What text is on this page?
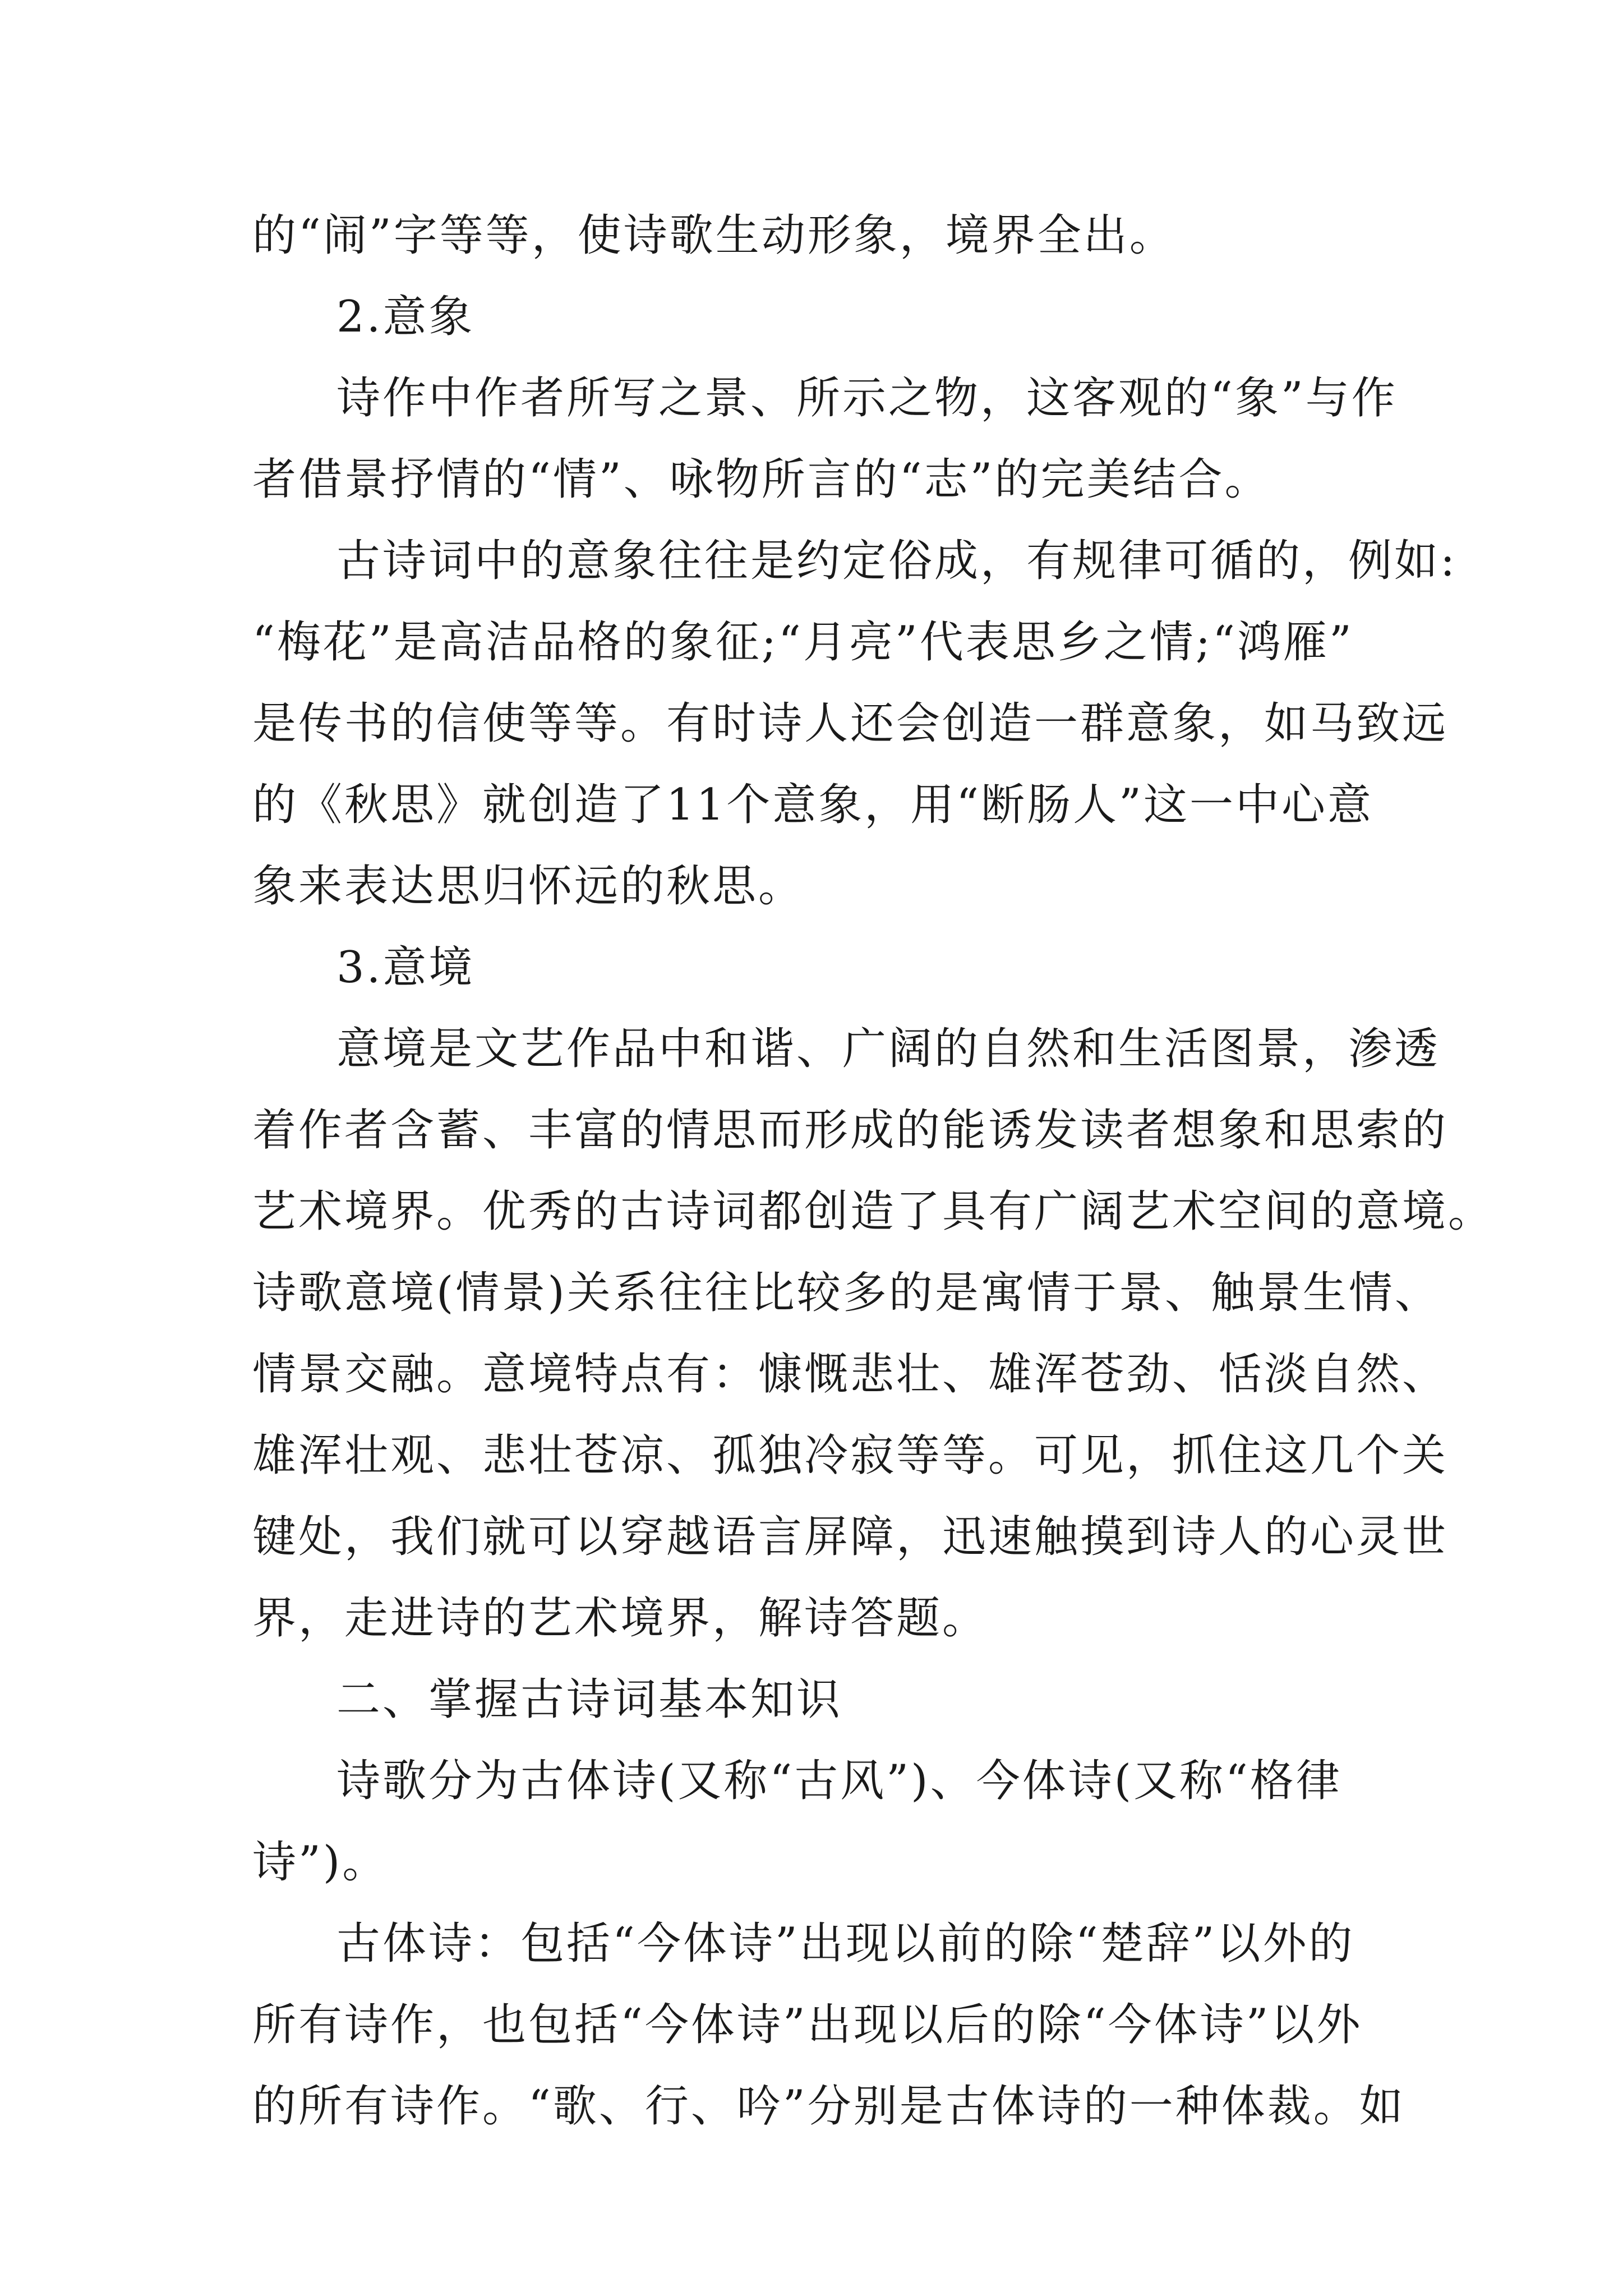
的“闹”字等等，使诗歌生动形象，境界全出。
2.意象
诗作中作者所写之景、所示之物，这客观的“象”与作
者借景抒情的“情”、咏物所言的“志”的完美结合。
古诗词中的意象往往是约定俗成，有规律可循的，例如:
“梅花”是高洁品格的象征;“月亮”代表思乡之情;“鸿雁”
是传书的信使等等。有时诗人还会创造一群意象，如马致远
的《秋思》就创造了11个意象，用“断肠人”这一中心意
象来表达思归怀远的秋思。
3.意境
意境是文艺作品中和谐、广阔的自然和生活图景，渗透
着作者含蓄、丰富的情思而形成的能诱发读者想象和思索的
艺术境界。优秀的古诗词都创造了具有广阔艺术空间的意境。
诗歌意境(情景)关系往往比较多的是寓情于景、触景生情、
情景交融。意境特点有：慷慨悲壮、雄浑苍劲、恬淡自然、
雄浑壮观、悲壮苍凉、孤独冷寂等等。可见，抓住这几个关
键处，我们就可以穿越语言屏障，迅速触摸到诗人的心灵世
界，走进诗的艺术境界，解诗答题。
二、掌握古诗词基本知识
诗歌分为古体诗(又称“古风”)、今体诗(又称“格律
诗”)。
古体诗：包括“今体诗”出现以前的除“楚辞”以外的
所有诗作，也包括“今体诗”出现以后的除“今体诗”以外
的所有诗作。“歌、行、吟”分别是古体诗的一种体裁。如
